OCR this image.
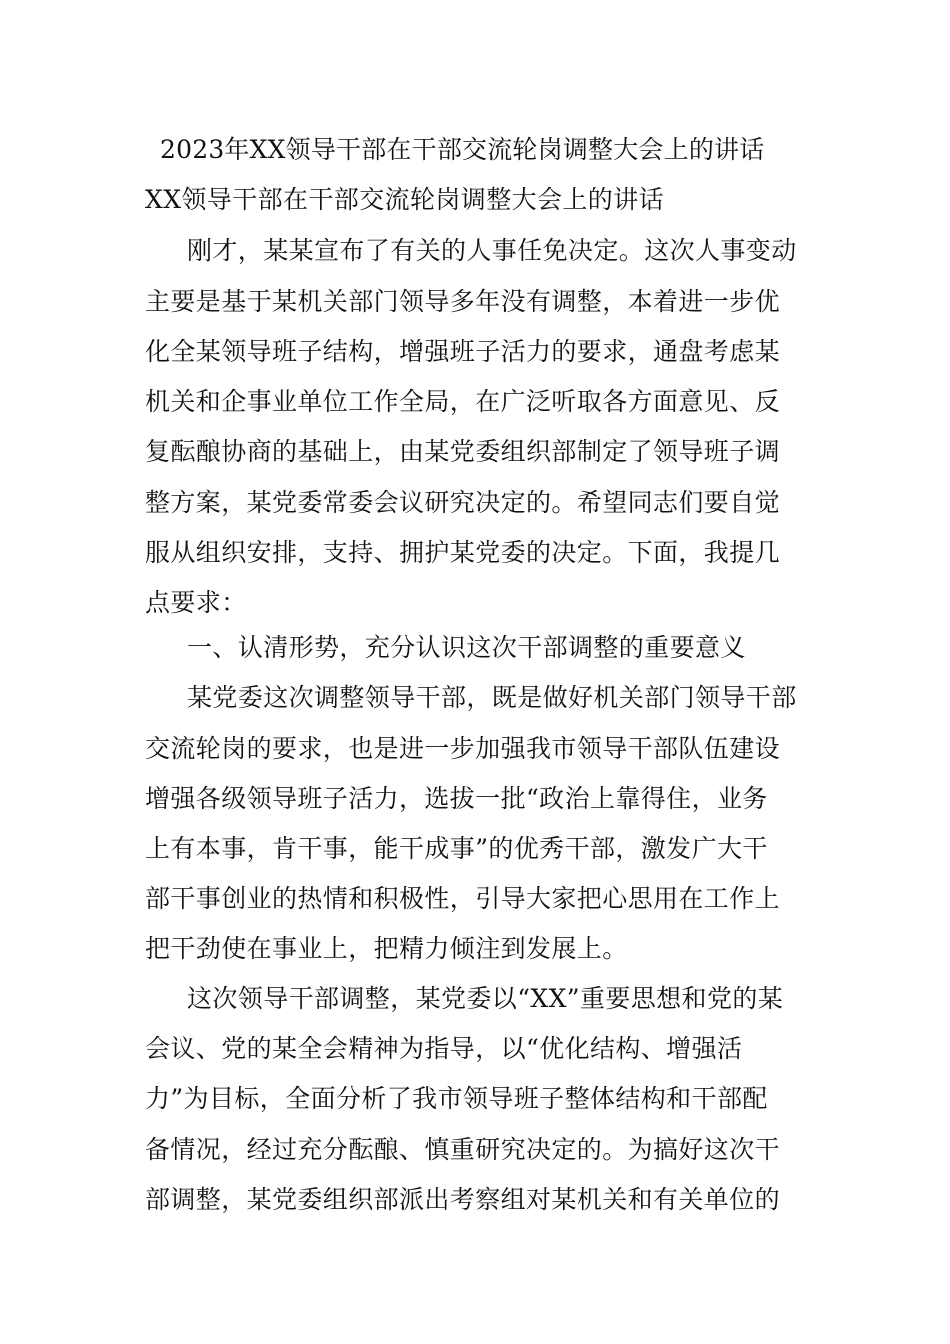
2023年XX领导干部在干部交流轮岗调整大会上的讲话
XX领导干部在干部交流轮岗调整大会上的讲话
刚才，某某宣布了有关的人事任免决定。这次人事变动
主要是基于某机关部门领导多年没有调整，本着进一步优
化全某领导班子结构，增强班子活力的要求，通盘考虑某
机关和企事业单位工作全局，在广泛听取各方面意见、反
复酝酿协商的基础上，由某党委组织部制定了领导班子调
整方案，某党委常委会议研究决定的。希望同志们要自觉
服从组织安排，支持、拥护某党委的决定。下面，我提几
点要求：
一、认清形势，充分认识这次干部调整的重要意义
某党委这次调整领导干部，既是做好机关部门领导干部
交流轮岗的要求，也是进一步加强我市领导干部队伍建设
增强各级领导班子活力，选拔一批“政治上靠得住，业务
上有本事，肯干事，能干成事”的优秀干部，激发广大干
部干事创业的热情和积极性，引导大家把心思用在工作上
把干劲使在事业上，把精力倾注到发展上。
这次领导干部调整，某党委以“XX”重要思想和党的某
会议、党的某全会精神为指导，以“优化结构、增强活
力”为目标，全面分析了我市领导班子整体结构和干部配
备情况，经过充分酝酿、慎重研究决定的。为搞好这次干
部调整，某党委组织部派出考察组对某机关和有关单位的
